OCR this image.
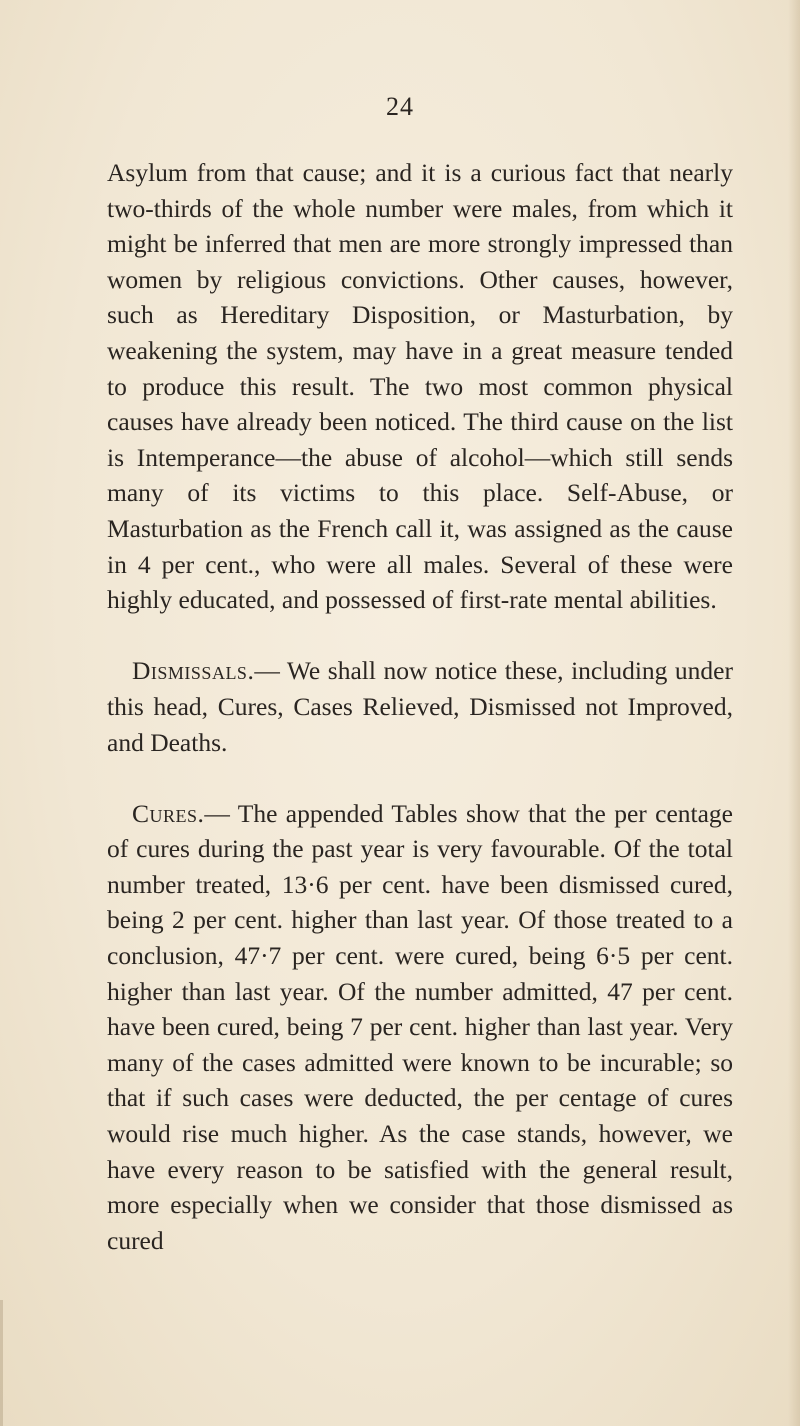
24

Asylum from that cause; and it is a curious fact that nearly two-thirds of the whole number were males, from which it might be inferred that men are more strongly impressed than women by religious convictions. Other causes, however, such as Hereditary Disposition, or Masturbation, by weakening the system, may have in a great measure tended to produce this result. The two most common physical causes have already been noticed. The third cause on the list is Intemperance—the abuse of alcohol—which still sends many of its victims to this place. Self-Abuse, or Masturbation as the French call it, was assigned as the cause in 4 per cent., who were all males. Several of these were highly educated, and possessed of first-rate mental abilities.

Dismissals.— We shall now notice these, including under this head, Cures, Cases Relieved, Dismissed not Improved, and Deaths.

Cures.— The appended Tables show that the per centage of cures during the past year is very favourable. Of the total number treated, 13·6 per cent. have been dismissed cured, being 2 per cent. higher than last year. Of those treated to a conclusion, 47·7 per cent. were cured, being 6·5 per cent. higher than last year. Of the number admitted, 47 per cent. have been cured, being 7 per cent. higher than last year. Very many of the cases admitted were known to be incurable; so that if such cases were deducted, the per centage of cures would rise much higher. As the case stands, however, we have every reason to be satisfied with the general result, more especially when we consider that those dismissed as cured
